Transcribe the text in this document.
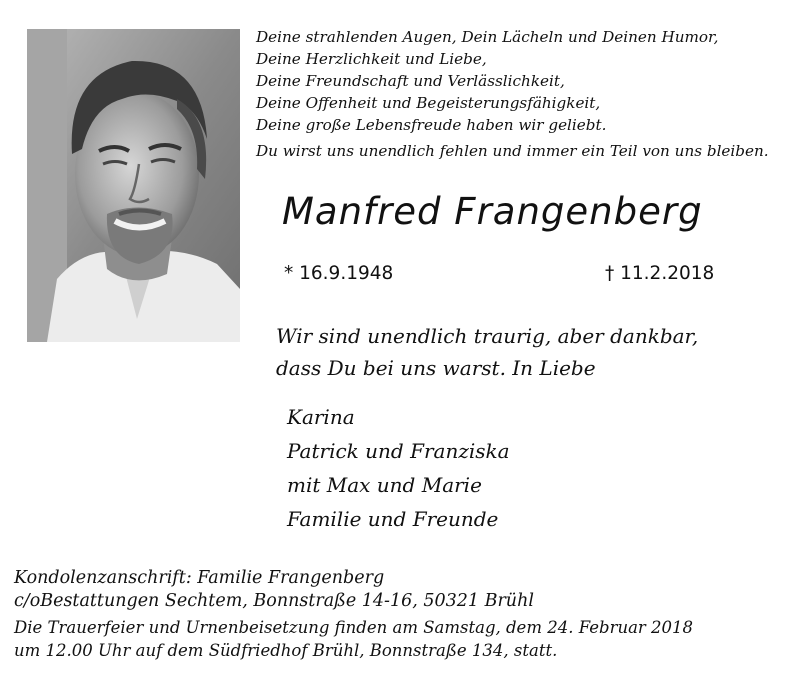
Deine strahlenden Augen, Dein Lächeln und Deinen Humor,
Deine Herzlichkeit und Liebe,
Deine Freundschaft und Verlässlichkeit,
Deine Offenheit und Begeisterungsfähigkeit,
Deine große Lebensfreude haben wir geliebt.
Du wirst uns unendlich fehlen und immer ein Teil von uns bleiben.
Manfred Frangenberg
* 16.9.1948	† 11.2.2018
Wir sind unendlich traurig, aber dankbar,
dass Du bei uns warst. In Liebe
Karina
Patrick und Franziska
mit Max und Marie
Familie und Freunde
Kondolenzanschrift: Familie Frangenberg
c/oBestattungen Sechtem, Bonnstraße 14-16, 50321 Brühl
Die Trauerfeier und Urnenbeisetzung finden am Samstag, dem 24. Februar 2018
um 12.00 Uhr auf dem Südfriedhof Brühl, Bonnstraße 134, statt.
